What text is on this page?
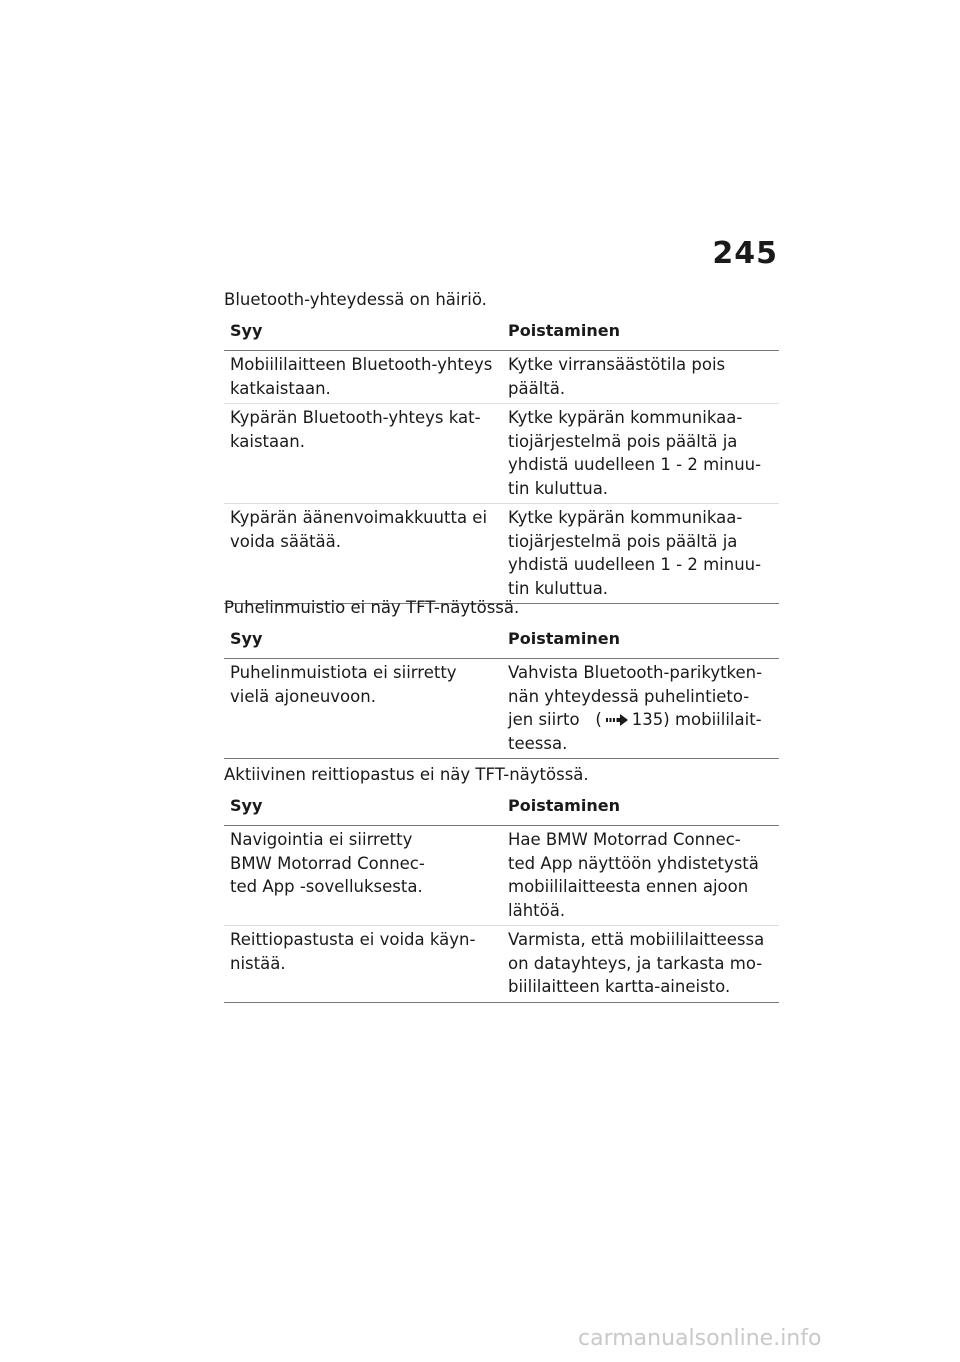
245
Bluetooth-yhteydessä on häiriö.
Syy	Poistaminen

Mobiililaitteen Bluetooth-yhteys
katkaistaan.	Kytke virransäästötila pois
päältä.

Kypärän Bluetooth-yhteys kat-
kaistaan.	Kytke kypärän kommunikaa-
tiojärjestelmä pois päältä ja
yhdistä uudelleen 1 - 2 minuu-
tin kuluttua.

Kypärän äänenvoimakkuutta ei
voida säätää.	Kytke kypärän kommunikaa-
tiojärjestelmä pois päältä ja
yhdistä uudelleen 1 - 2 minuu-
tin kuluttua.
Puhelinmuistio ei näy TFT-näytössä.
Syy	Poistaminen

Puhelinmuistiota ei siirretty
vielä ajoneuvoon.	Vahvista Bluetooth-parikytken-
nän yhteydessä puhelintieto-
jen siirto ( 135) mobiililait-
teessa.
Aktiivinen reittiopastus ei näy TFT-näytössä.
Syy	Poistaminen

Navigointia ei siirretty
BMW Motorrad Connec-
ted App -sovelluksesta.	Hae BMW Motorrad Connec-
ted App näyttöön yhdistetystä
mobiililaitteesta ennen ajoon
lähtöä.

Reittiopastusta ei voida käyn-
nistää.	Varmista, että mobiililaitteessa
on datayhteys, ja tarkasta mo-
biililaitteen kartta-aineisto.
carmanualsonline.info
